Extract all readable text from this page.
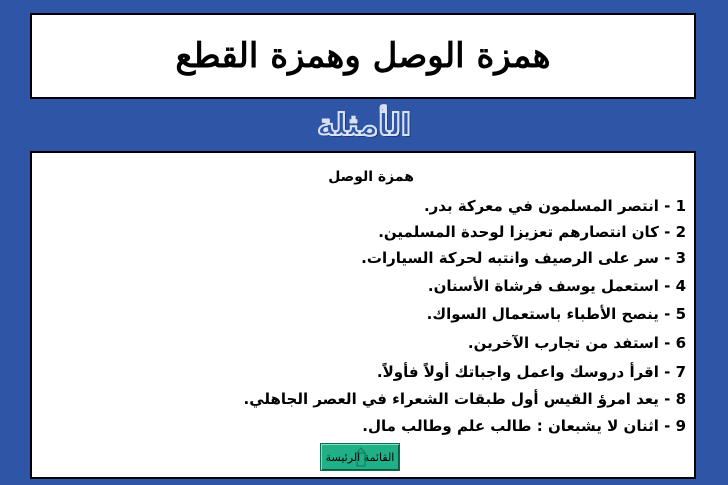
همزة الوصل وهمزة القطع
الأمثلة
همزة الوصل
1 - انتصر المسلمون في معركة بدر.
2 - كان انتصارهم تعزيزا لوحدة المسلمين.
3 - سر على الرصيف وانتبه لحركة السيارات.
4 - استعمل يوسف فرشاة الأسنان.
5 - ينصح الأطباء باستعمال السواك.
6 - استفد من تجارب الآخرين.
7 - اقرأ دروسك واعمل واجباتك أولاً فأولاً.
8 - يعد امرؤ القيس أول طبقات الشعراء في العصر الجاهلي.
9 - اثنان لا يشبعان : طالب علم وطالب مال.
القائمة الرئيسة
